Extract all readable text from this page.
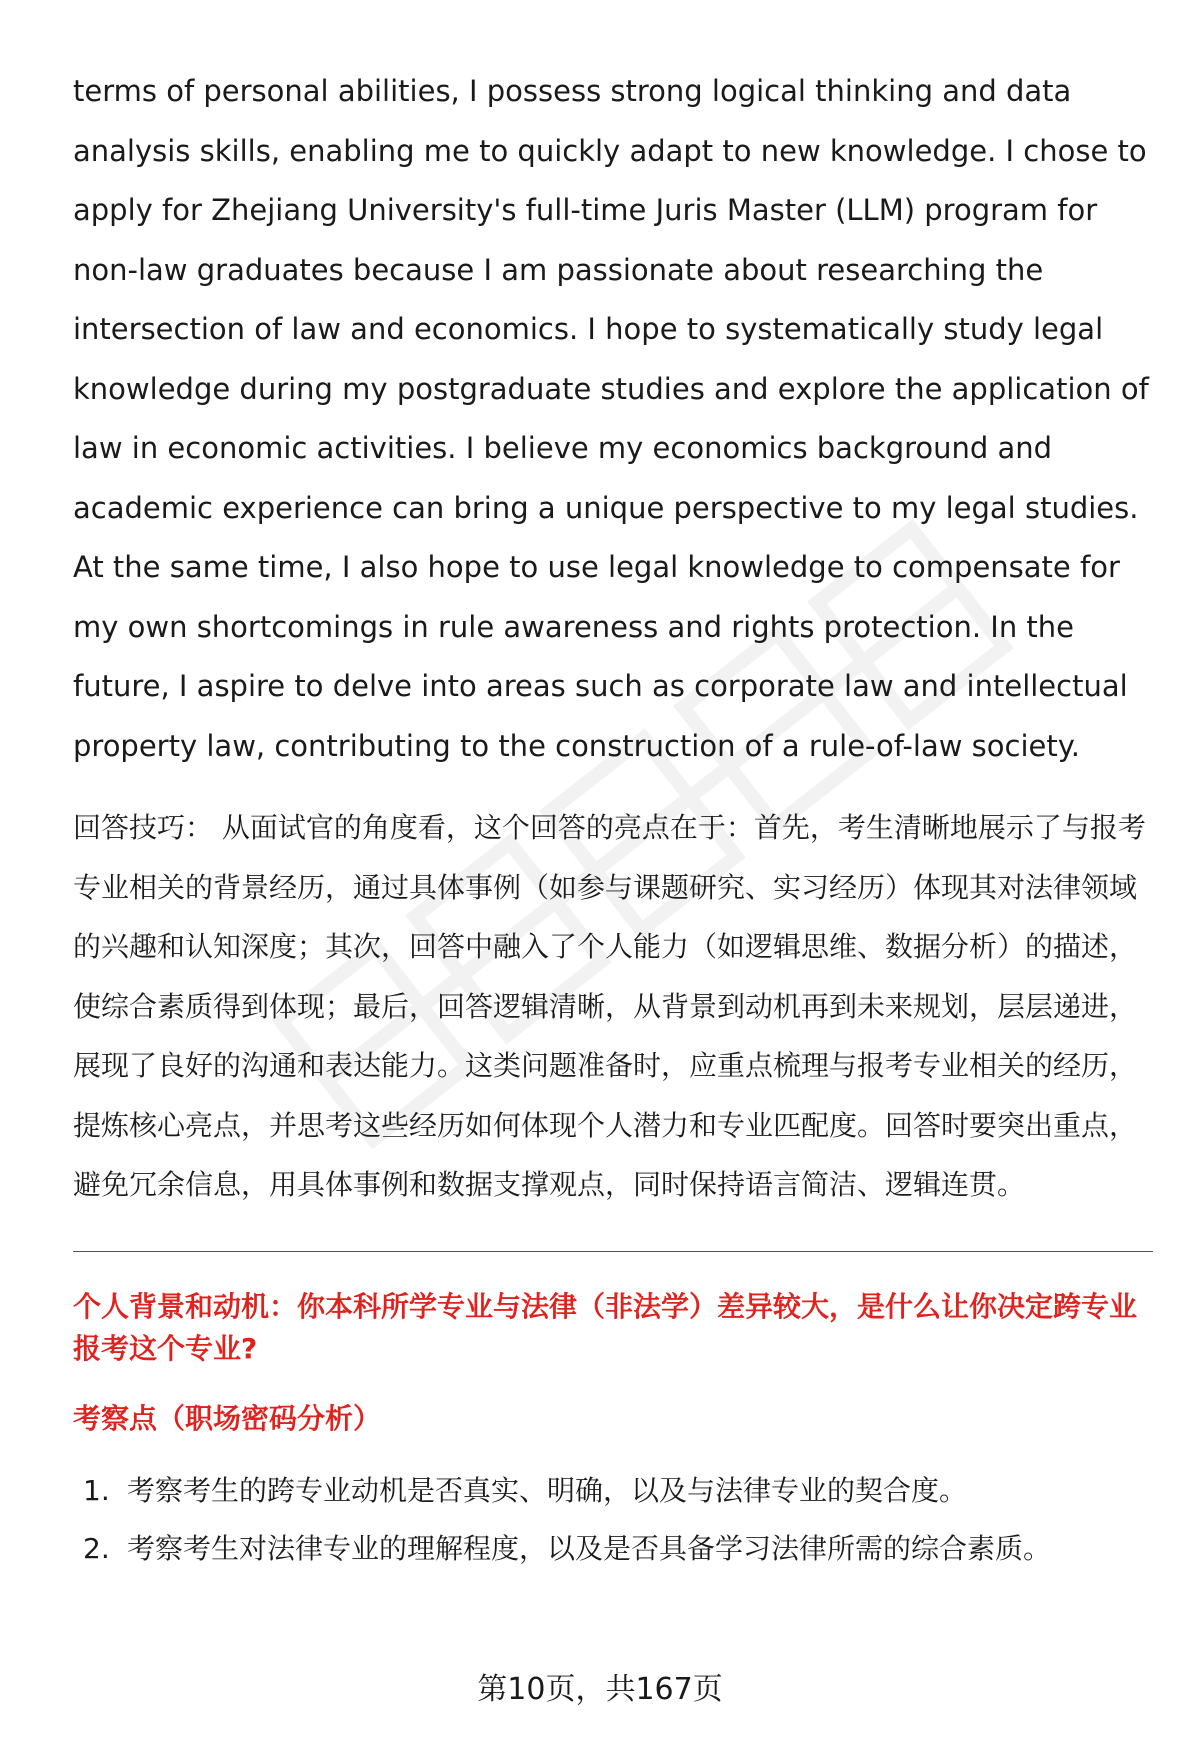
terms of personal abilities, I possess strong logical thinking and data analysis skills, enabling me to quickly adapt to new knowledge. I chose to apply for Zhejiang University's full-time Juris Master (LLM) program for non-law graduates because I am passionate about researching the intersection of law and economics. I hope to systematically study legal knowledge during my postgraduate studies and explore the application of law in economic activities. I believe my economics background and academic experience can bring a unique perspective to my legal studies. At the same time, I also hope to use legal knowledge to compensate for my own shortcomings in rule awareness and rights protection. In the future, I aspire to delve into areas such as corporate law and intellectual property law, contributing to the construction of a rule-of-law society.

回答技巧： 从面试官的角度看，这个回答的亮点在于：首先，考生清晰地展示了与报考专业相关的背景经历，通过具体事例（如参与课题研究、实习经历）体现其对法律领域的兴趣和认知深度；其次，回答中融入了个人能力（如逻辑思维、数据分析）的描述，使综合素质得到体现；最后，回答逻辑清晰，从背景到动机再到未来规划，层层递进，展现了良好的沟通和表达能力。这类问题准备时，应重点梳理与报考专业相关的经历，提炼核心亮点，并思考这些经历如何体现个人潜力和专业匹配度。回答时要突出重点，避免冗余信息，用具体事例和数据支撑观点，同时保持语言简洁、逻辑连贯。

个人背景和动机：你本科所学专业与法律（非法学）差异较大，是什么让你决定跨专业报考这个专业?
考察点（职场密码分析）
1. 考察考生的跨专业动机是否真实、明确，以及与法律专业的契合度。
2. 考察考生对法律专业的理解程度，以及是否具备学习法律所需的综合素质。
第10页，共167页
